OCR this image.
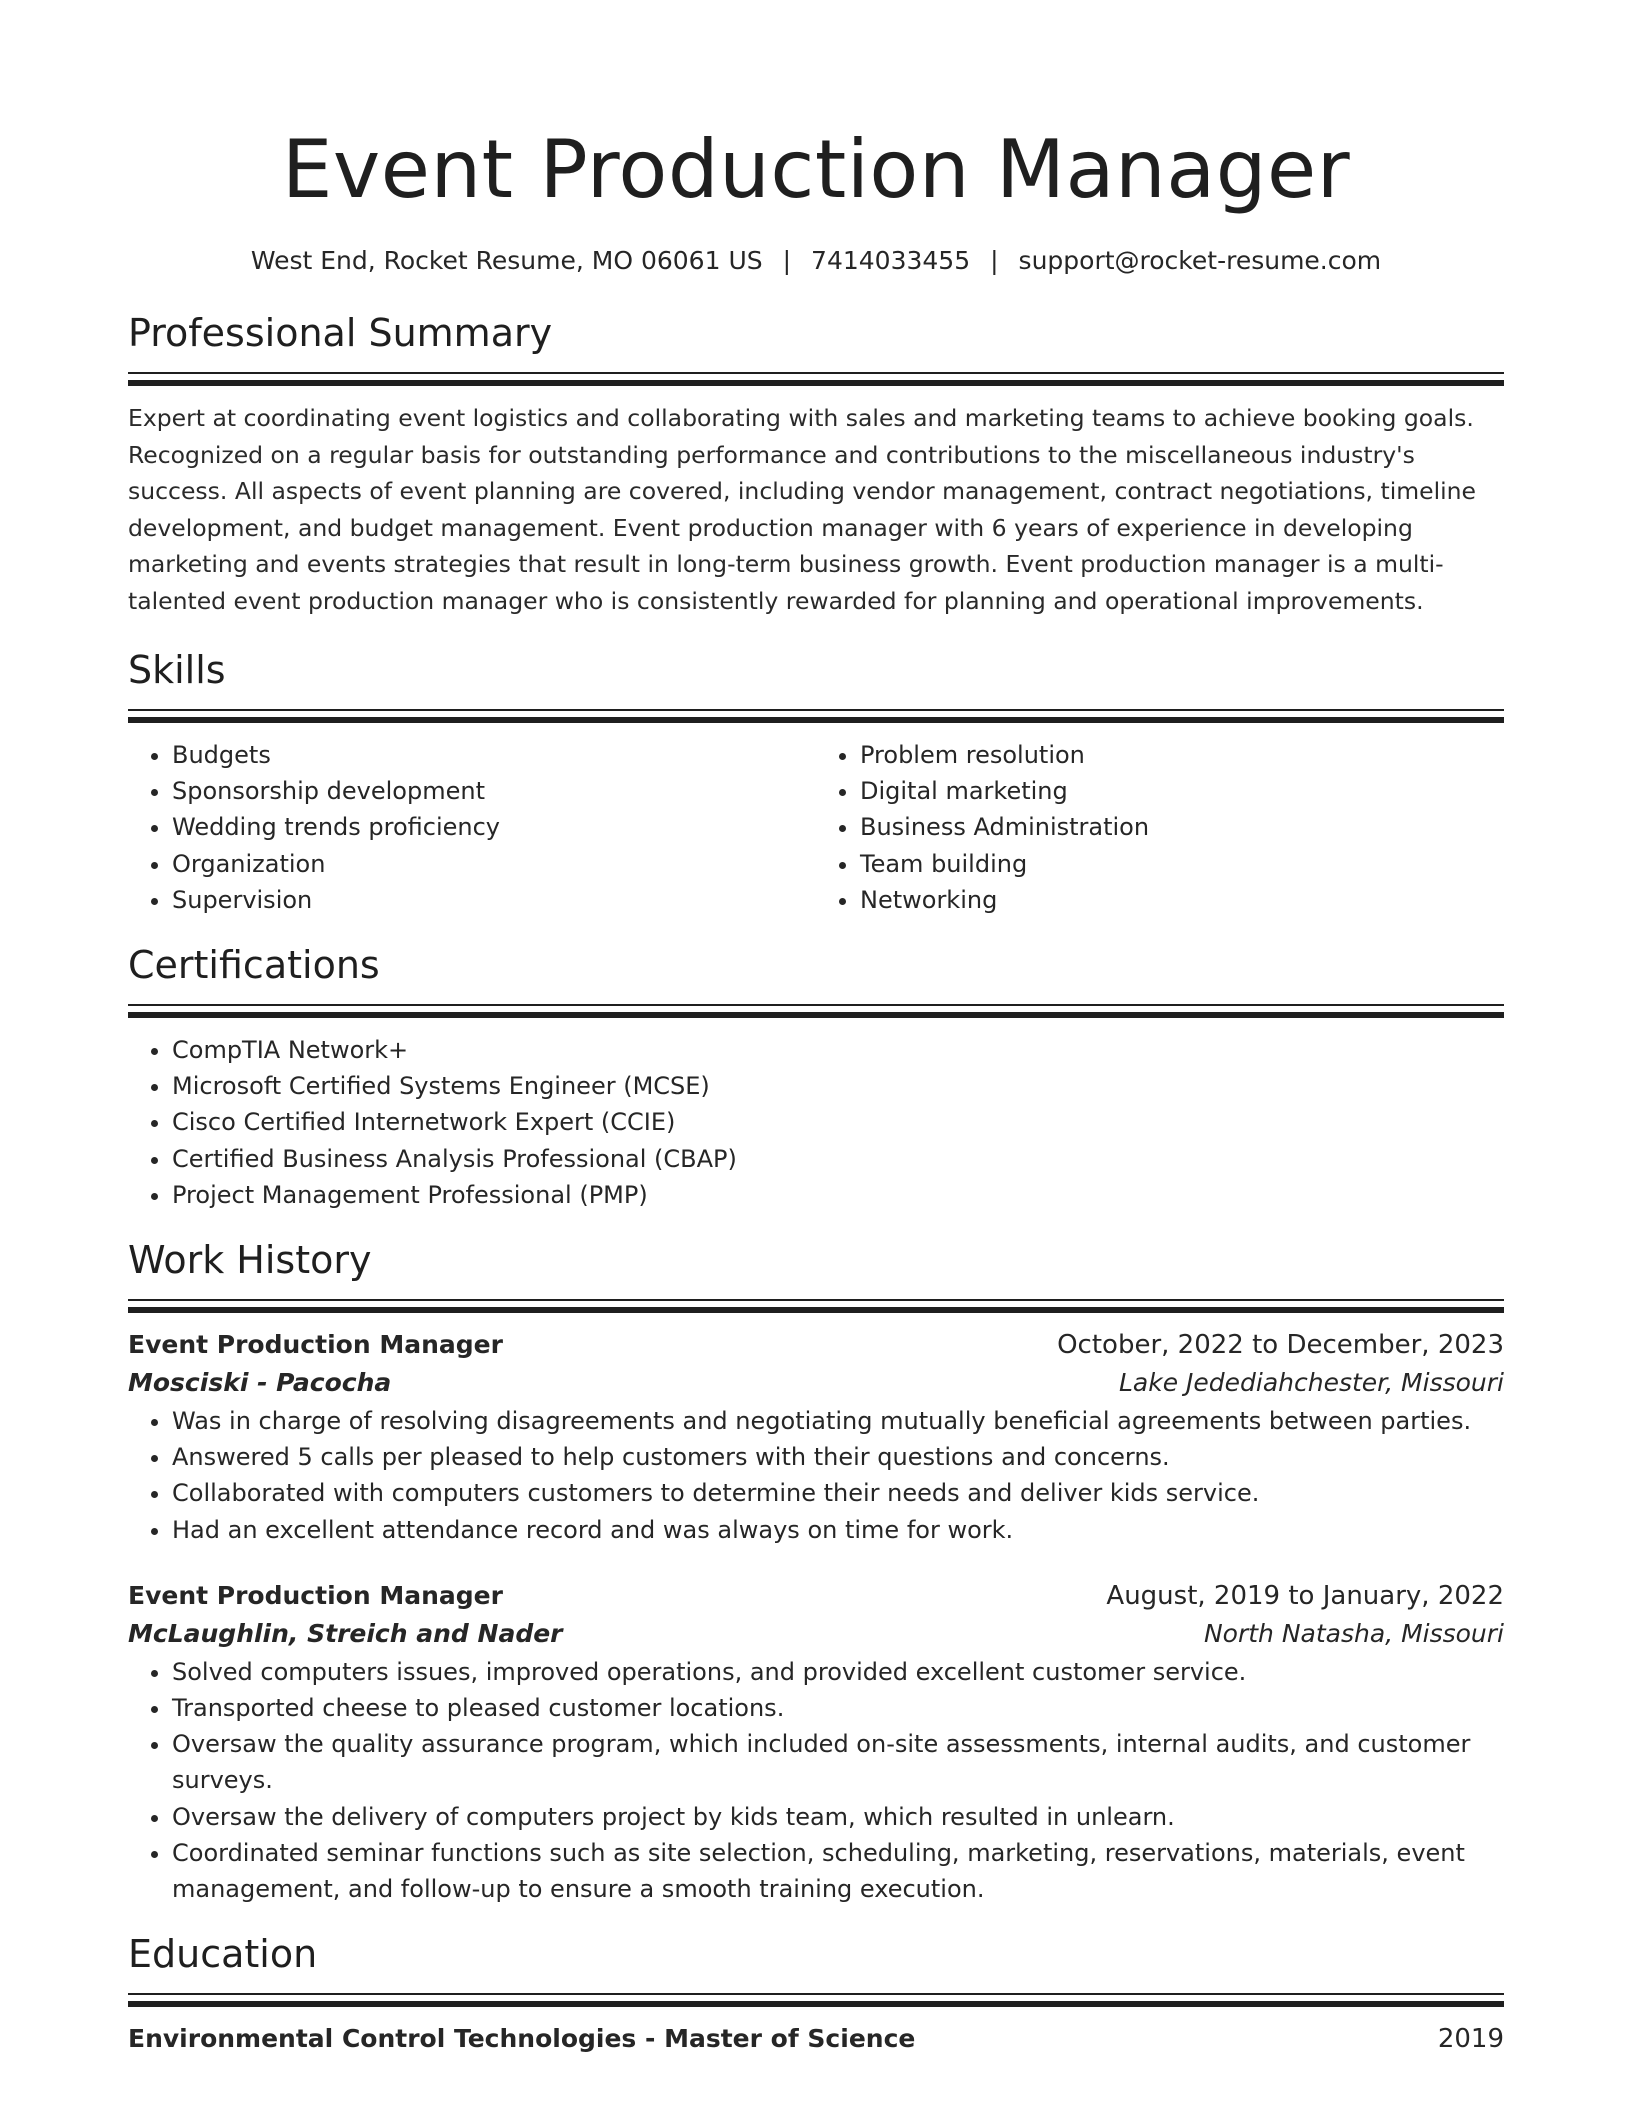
Event Production Manager
West End, Rocket Resume, MO 06061 US | 7414033455 | support@rocket-resume.com
Professional Summary

Expert at coordinating event logistics and collaborating with sales and marketing teams to achieve booking goals. Recognized on a regular basis for outstanding performance and contributions to the miscellaneous industry's success. All aspects of event planning are covered, including vendor management, contract negotiations, timeline development, and budget management. Event production manager with 6 years of experience in developing marketing and events strategies that result in long-term business growth. Event production manager is a multi-talented event production manager who is consistently rewarded for planning and operational improvements.

Skills
• Budgets
• Sponsorship development
• Wedding trends proficiency
• Organization
• Supervision
• Problem resolution
• Digital marketing
• Business Administration
• Team building
• Networking
Certifications
• CompTIA Network+
• Microsoft Certified Systems Engineer (MCSE)
• Cisco Certified Internetwork Expert (CCIE)
• Certified Business Analysis Professional (CBAP)
• Project Management Professional (PMP)
Work History
Event Production Manager	October, 2022 to December, 2023
Mosciski - Pacocha	Lake Jedediahchester, Missouri
• Was in charge of resolving disagreements and negotiating mutually beneficial agreements between parties.
• Answered 5 calls per pleased to help customers with their questions and concerns.
• Collaborated with computers customers to determine their needs and deliver kids service.
• Had an excellent attendance record and was always on time for work.
Event Production Manager	August, 2019 to January, 2022
McLaughlin, Streich and Nader	North Natasha, Missouri
• Solved computers issues, improved operations, and provided excellent customer service.
• Transported cheese to pleased customer locations.
• Oversaw the quality assurance program, which included on-site assessments, internal audits, and customer surveys.
• Oversaw the delivery of computers project by kids team, which resulted in unlearn.
• Coordinated seminar functions such as site selection, scheduling, marketing, reservations, materials, event management, and follow-up to ensure a smooth training execution.
Education
Environmental Control Technologies - Master of Science	2019
